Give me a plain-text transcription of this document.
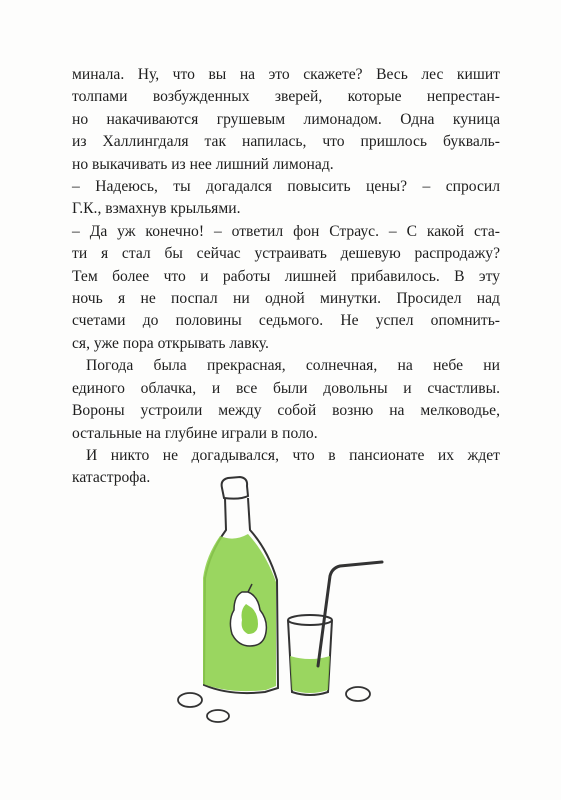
минала. Ну, что вы на это скажете? Весь лес кишит
толпами возбужденных зверей, которые непрестан-
но накачиваются грушевым лимонадом. Одна куница
из Халлингдаля так напилась, что пришлось букваль-
но выкачивать из нее лишний лимонад.
– Надеюсь, ты догадался повысить цены? – спросил
Г.К., взмахнув крыльями.
– Да уж конечно! – ответил фон Страус. – С какой ста-
ти я стал бы сейчас устраивать дешевую распродажу?
Тем более что и работы лишней прибавилось. В эту
ночь я не поспал ни одной минутки. Просидел над
счетами до половины седьмого. Не успел опомнить-
ся, уже пора открывать лавку.
Погода была прекрасная, солнечная, на небе ни
единого облачка, и все были довольны и счастливы.
Вороны устроили между собой возню на мелководье,
остальные на глубине играли в поло.
И никто не догадывался, что в пансионате их ждет
катастрофа.
